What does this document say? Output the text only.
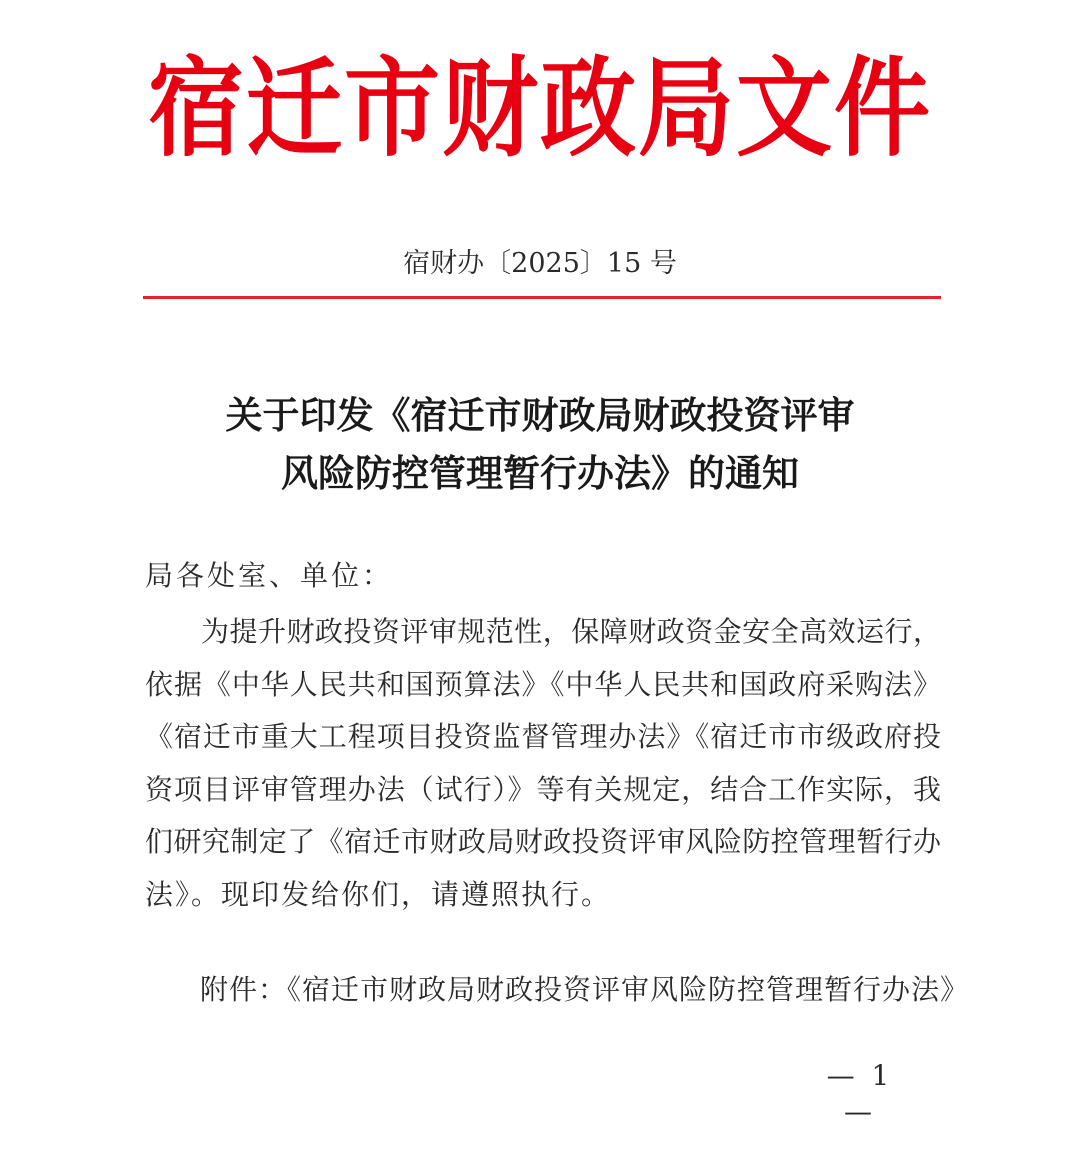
宿迁市财政局文件
宿财办〔2025〕15 号
关于印发《宿迁市财政局财政投资评审
风险防控管理暂行办法》的通知
局各处室、单位：
为提升财政投资评审规范性，保障财政资金安全高效运行，
依据《中华人民共和国预算法》《中华人民共和国政府采购法》
《宿迁市重大工程项目投资监督管理办法》《宿迁市市级政府投
资项目评审管理办法（试行）》等有关规定，结合工作实际，我
们研究制定了《宿迁市财政局财政投资评审风险防控管理暂行办
法》。现印发给你们，请遵照执行。
附件：《宿迁市财政局财政投资评审风险防控管理暂行办法》
— 1 —
